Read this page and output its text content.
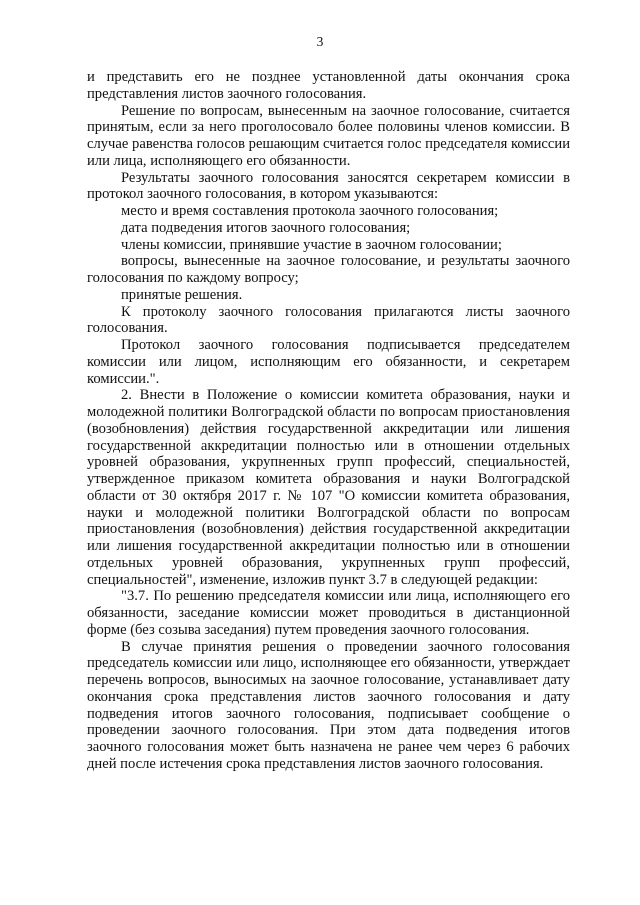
3

и представить его не позднее установленной даты окончания срока представления листов заочного голосования.

Решение по вопросам, вынесенным на заочное голосование, считается принятым, если за него проголосовало более половины членов комиссии. В случае равенства голосов решающим считается голос председателя комиссии или лица, исполняющего его обязанности.

Результаты заочного голосования заносятся секретарем комиссии в протокол заочного голосования, в котором указываются:

место и время составления протокола заочного голосования;

дата подведения итогов заочного голосования;

члены комиссии, принявшие участие в заочном голосовании;

вопросы, вынесенные на заочное голосование, и результаты заочного голосования по каждому вопросу;

принятые решения.

К протоколу заочного голосования прилагаются листы заочного голосования.

Протокол заочного голосования подписывается председателем комиссии или лицом, исполняющим его обязанности, и секретарем комиссии.".

2. Внести в Положение о комиссии комитета образования, науки и молодежной политики Волгоградской области по вопросам приостановления (возобновления) действия государственной аккредитации или лишения государственной аккредитации полностью или в отношении отдельных уровней образования, укрупненных групп профессий, специальностей, утвержденное приказом комитета образования и науки Волгоградской области от 30 октября 2017 г. № 107 "О комиссии комитета образования, науки и молодежной политики Волгоградской области по вопросам приостановления (возобновления) действия государственной аккредитации или лишения государственной аккредитации полностью или в отношении отдельных уровней образования, укрупненных групп профессий, специальностей", изменение, изложив пункт 3.7 в следующей редакции:

"3.7. По решению председателя комиссии или лица, исполняющего его обязанности, заседание комиссии может проводиться в дистанционной форме (без созыва заседания) путем проведения заочного голосования.

В случае принятия решения о проведении заочного голосования председатель комиссии или лицо, исполняющее его обязанности, утверждает перечень вопросов, выносимых на заочное голосование, устанавливает дату окончания срока представления листов заочного голосования и дату подведения итогов заочного голосования, подписывает сообщение о проведении заочного голосования. При этом дата подведения итогов заочного голосования может быть назначена не ранее чем через 6 рабочих дней после истечения срока представления листов заочного голосования.
